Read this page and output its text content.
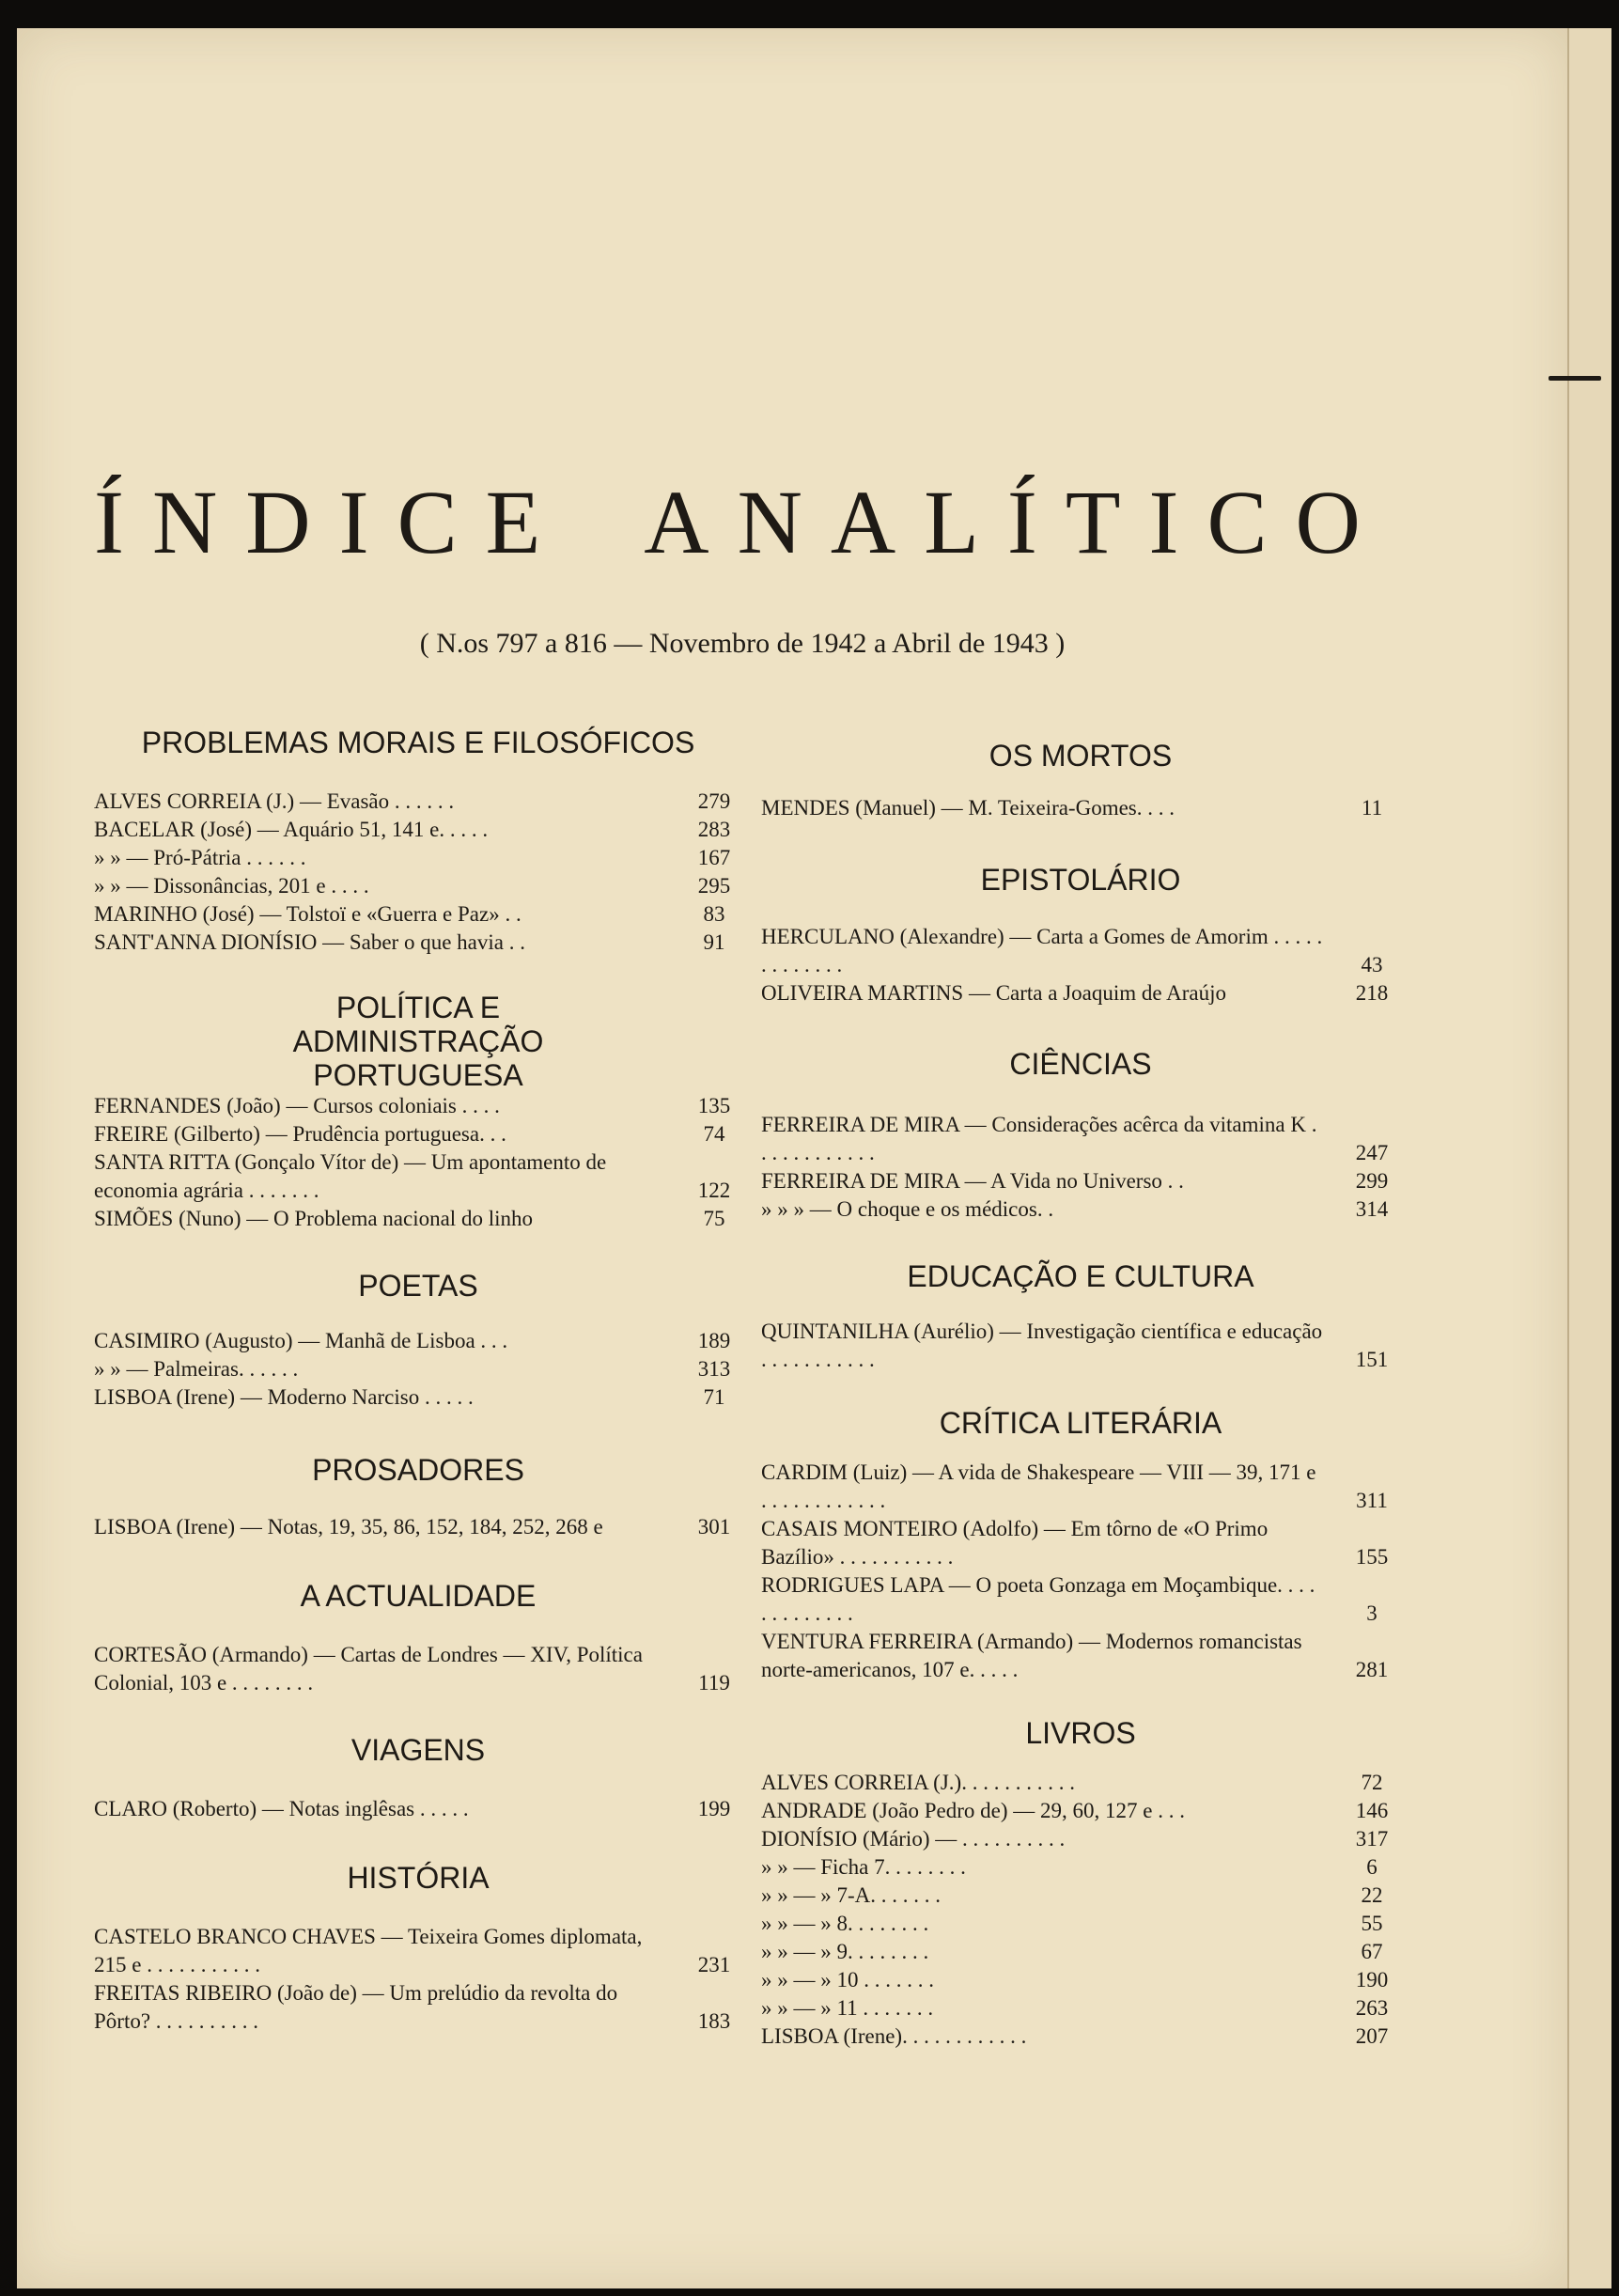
ÍNDICE ANALÍTICO
( N.os 797 a 816 — Novembro de 1942 a Abril de 1943 )
PROBLEMAS MORAIS E FILOSÓFICOS
ALVES CORREIA (J.) — Evasão . . . . . .	279
BACELAR (José) — Aquário 51, 141 e. . . . .	283
» » — Pró-Pátria . . . . . .	167
» » — Dissonâncias, 201 e . . . .	295
MARINHO (José) — Tolstoï e «Guerra e Paz» . .	83
SANT'ANNA DIONÍSIO — Saber o que havia . .	91
POLÍTICA E ADMINISTRAÇÃO PORTUGUESA
FERNANDES (João) — Cursos coloniais . . . .	135
FREIRE (Gilberto) — Prudência portuguesa. . .	74
SANTA RITTA (Gonçalo Vítor de) — Um apontamento de economia agrária . . . . . . .	122
SIMÕES (Nuno) — O Problema nacional do linho	75
POETAS
CASIMIRO (Augusto) — Manhã de Lisboa . . .	189
» » — Palmeiras. . . . . .	313
LISBOA (Irene) — Moderno Narciso . . . . .	71
PROSADORES
LISBOA (Irene) — Notas, 19, 35, 86, 152, 184, 252, 268 e	301
A ACTUALIDADE
CORTESÃO (Armando) — Cartas de Londres — XIV, Política Colonial, 103 e . . . . . . . .	119
VIAGENS
CLARO (Roberto) — Notas inglêsas . . . . .	199
HISTÓRIA
CASTELO BRANCO CHAVES — Teixeira Gomes diplomata, 215 e . . . . . . . . . . .	231
FREITAS RIBEIRO (João de) — Um prelúdio da revolta do Pôrto? . . . . . . . . . .	183
OS MORTOS
MENDES (Manuel) — M. Teixeira-Gomes. . . .	11
EPISTOLÁRIO
HERCULANO (Alexandre) — Carta a Gomes de Amorim . . . . . . . . . . . . .	43
OLIVEIRA MARTINS — Carta a Joaquim de Araújo	218
CIÊNCIAS
FERREIRA DE MIRA — Considerações acêrca da vitamina K . . . . . . . . . . . .	247
FERREIRA DE MIRA — A Vida no Universo . .	299
» » » — O choque e os médicos. .	314
EDUCAÇÃO E CULTURA
QUINTANILHA (Aurélio) — Investigação científica e educação . . . . . . . . . . .	151
CRÍTICA LITERÁRIA
CARDIM (Luiz) — A vida de Shakespeare — VIII — 39, 171 e . . . . . . . . . . . .	311
CASAIS MONTEIRO (Adolfo) — Em tôrno de «O Primo Bazílio» . . . . . . . . . . .	155
RODRIGUES LAPA — O poeta Gonzaga em Moçambique. . . . . . . . . . . . .	3
VENTURA FERREIRA (Armando) — Modernos romancistas norte-americanos, 107 e. . . . .	281
LIVROS
ALVES CORREIA (J.). . . . . . . . . . .	72
ANDRADE (João Pedro de) — 29, 60, 127 e . . .	146
DIONÍSIO (Mário) — . . . . . . . . . .	317
» » — Ficha 7. . . . . . . .	6
» » — » 7-A. . . . . . .	22
» » — » 8. . . . . . . .	55
» » — » 9. . . . . . . .	67
» » — » 10 . . . . . . .	190
» » — » 11 . . . . . . .	263
LISBOA (Irene). . . . . . . . . . . .	207
